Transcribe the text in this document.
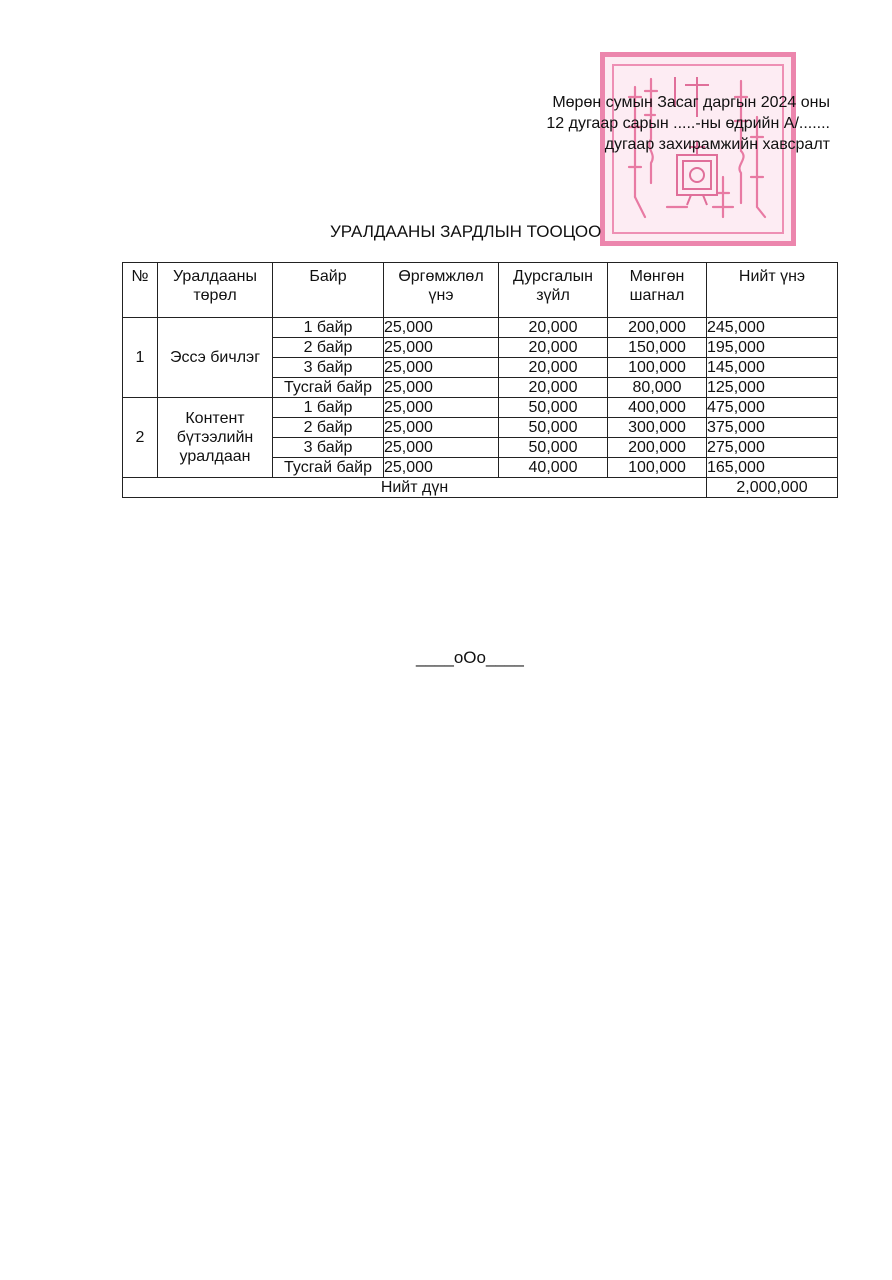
Мөрөн сумын Засаг даргын 2024 оны
12 дугаар сарын .....-ны өдрийн А/.......
дугаар захирамжийн хавсралт
УРАЛДААНЫ ЗАРДЛЫН ТООЦОО
№	Уралдааны төрөл	Байр	Өргөмжлөл үнэ	Дурсгалын зүйл	Мөнгөн шагнал	Нийт үнэ
1	Эссэ бичлэг	1 байр	25,000	20,000	200,000	245,000
		2 байр	25,000	20,000	150,000	195,000
		3 байр	25,000	20,000	100,000	145,000
		Тусгай байр	25,000	20,000	80,000	125,000
2	Контент бүтээлийн уралдаан	1 байр	25,000	50,000	400,000	475,000
		2 байр	25,000	50,000	300,000	375,000
		3 байр	25,000	50,000	200,000	275,000
		Тусгай байр	25,000	40,000	100,000	165,000
Нийт дүн						2,000,000
____оОо____
